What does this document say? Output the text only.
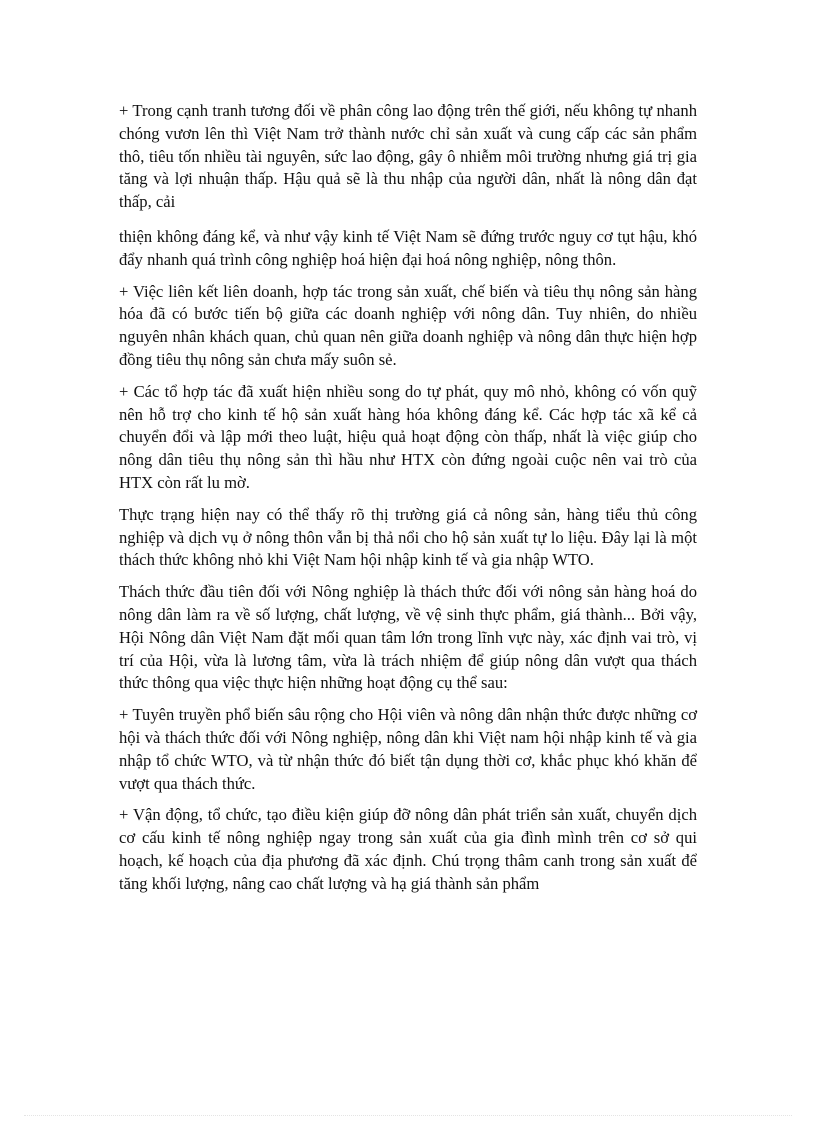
+ Trong cạnh tranh tương đối về phân công lao động trên thế giới, nếu không tự nhanh chóng vươn lên thì Việt Nam trở thành nước chỉ sản xuất và cung cấp các sản phẩm thô, tiêu tốn nhiều tài nguyên, sức lao động, gây ô nhiễm môi trường nhưng giá trị gia tăng và lợi nhuận thấp. Hậu quả sẽ là thu nhập của người dân, nhất là nông dân đạt thấp, cải

thiện không đáng kể, và như vậy kinh tế Việt Nam sẽ đứng trước nguy cơ tụt hậu, khó đẩy nhanh quá trình công nghiệp hoá hiện đại hoá nông nghiệp, nông thôn.

+ Việc liên kết liên doanh, hợp tác trong sản xuất, chế biến và tiêu thụ nông sản hàng hóa đã có bước tiến bộ giữa các doanh nghiệp với nông dân. Tuy nhiên, do nhiều nguyên nhân khách quan, chủ quan nên giữa doanh nghiệp và nông dân thực hiện hợp đồng tiêu thụ nông sản chưa mấy suôn sẻ.

+ Các tổ hợp tác đã xuất hiện nhiều song do tự phát, quy mô nhỏ, không có vốn quỹ nên hỗ trợ cho kinh tế hộ sản xuất hàng hóa không đáng kể. Các hợp tác xã kể cả chuyển đổi và lập mới theo luật, hiệu quả hoạt động còn thấp, nhất là việc giúp cho nông dân tiêu thụ nông sản thì hầu như HTX còn đứng ngoài cuộc nên vai trò của HTX còn rất lu mờ.

Thực trạng hiện nay có thể thấy rõ thị trường giá cả nông sản, hàng tiểu thủ công nghiệp và dịch vụ ở nông thôn vẫn bị thả nổi cho hộ sản xuất tự lo liệu. Đây lại là một thách thức không nhỏ khi Việt Nam hội nhập kinh tế và gia nhập WTO.

Thách thức đầu tiên đối với Nông nghiệp là thách thức đối với nông sản hàng hoá do nông dân làm ra về số lượng, chất lượng, về vệ sinh thực phẩm, giá thành... Bởi vậy, Hội Nông dân Việt Nam đặt mối quan tâm lớn trong lĩnh vực này, xác định vai trò, vị trí của Hội, vừa là lương tâm, vừa là trách nhiệm để giúp nông dân vượt qua thách thức thông qua việc thực hiện những hoạt động cụ thể sau:

+ Tuyên truyền phổ biến sâu rộng cho Hội viên và nông dân nhận thức được những cơ hội và thách thức đối với Nông nghiệp, nông dân khi Việt nam hội nhập kinh tế và gia nhập tổ chức WTO, và từ nhận thức đó biết tận dụng thời cơ, khắc phục khó khăn để vượt qua thách thức.

+ Vận động, tổ chức, tạo điều kiện giúp đỡ nông dân phát triển sản xuất, chuyển dịch cơ cấu kinh tế nông nghiệp ngay trong sản xuất của gia đình mình trên cơ sở qui hoạch, kế hoạch của địa phương đã xác định. Chú trọng thâm canh trong sản xuất để tăng khối lượng, nâng cao chất lượng và hạ giá thành sản phẩm
